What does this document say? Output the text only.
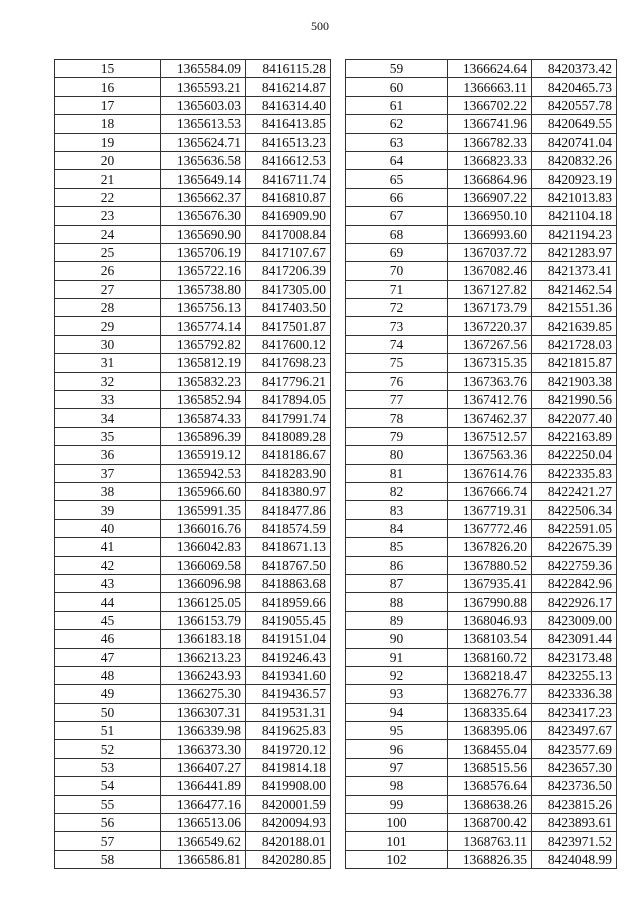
500
15	1365584.09	8416115.28
16	1365593.21	8416214.87
17	1365603.03	8416314.40
18	1365613.53	8416413.85
19	1365624.71	8416513.23
20	1365636.58	8416612.53
21	1365649.14	8416711.74
22	1365662.37	8416810.87
23	1365676.30	8416909.90
24	1365690.90	8417008.84
25	1365706.19	8417107.67
26	1365722.16	8417206.39
27	1365738.80	8417305.00
28	1365756.13	8417403.50
29	1365774.14	8417501.87
30	1365792.82	8417600.12
31	1365812.19	8417698.23
32	1365832.23	8417796.21
33	1365852.94	8417894.05
34	1365874.33	8417991.74
35	1365896.39	8418089.28
36	1365919.12	8418186.67
37	1365942.53	8418283.90
38	1365966.60	8418380.97
39	1365991.35	8418477.86
40	1366016.76	8418574.59
41	1366042.83	8418671.13
42	1366069.58	8418767.50
43	1366096.98	8418863.68
44	1366125.05	8418959.66
45	1366153.79	8419055.45
46	1366183.18	8419151.04
47	1366213.23	8419246.43
48	1366243.93	8419341.60
49	1366275.30	8419436.57
50	1366307.31	8419531.31
51	1366339.98	8419625.83
52	1366373.30	8419720.12
53	1366407.27	8419814.18
54	1366441.89	8419908.00
55	1366477.16	8420001.59
56	1366513.06	8420094.93
57	1366549.62	8420188.01
58	1366586.81	8420280.85
59	1366624.64	8420373.42
60	1366663.11	8420465.73
61	1366702.22	8420557.78
62	1366741.96	8420649.55
63	1366782.33	8420741.04
64	1366823.33	8420832.26
65	1366864.96	8420923.19
66	1366907.22	8421013.83
67	1366950.10	8421104.18
68	1366993.60	8421194.23
69	1367037.72	8421283.97
70	1367082.46	8421373.41
71	1367127.82	8421462.54
72	1367173.79	8421551.36
73	1367220.37	8421639.85
74	1367267.56	8421728.03
75	1367315.35	8421815.87
76	1367363.76	8421903.38
77	1367412.76	8421990.56
78	1367462.37	8422077.40
79	1367512.57	8422163.89
80	1367563.36	8422250.04
81	1367614.76	8422335.83
82	1367666.74	8422421.27
83	1367719.31	8422506.34
84	1367772.46	8422591.05
85	1367826.20	8422675.39
86	1367880.52	8422759.36
87	1367935.41	8422842.96
88	1367990.88	8422926.17
89	1368046.93	8423009.00
90	1368103.54	8423091.44
91	1368160.72	8423173.48
92	1368218.47	8423255.13
93	1368276.77	8423336.38
94	1368335.64	8423417.23
95	1368395.06	8423497.67
96	1368455.04	8423577.69
97	1368515.56	8423657.30
98	1368576.64	8423736.50
99	1368638.26	8423815.26
100	1368700.42	8423893.61
101	1368763.11	8423971.52
102	1368826.35	8424048.99
